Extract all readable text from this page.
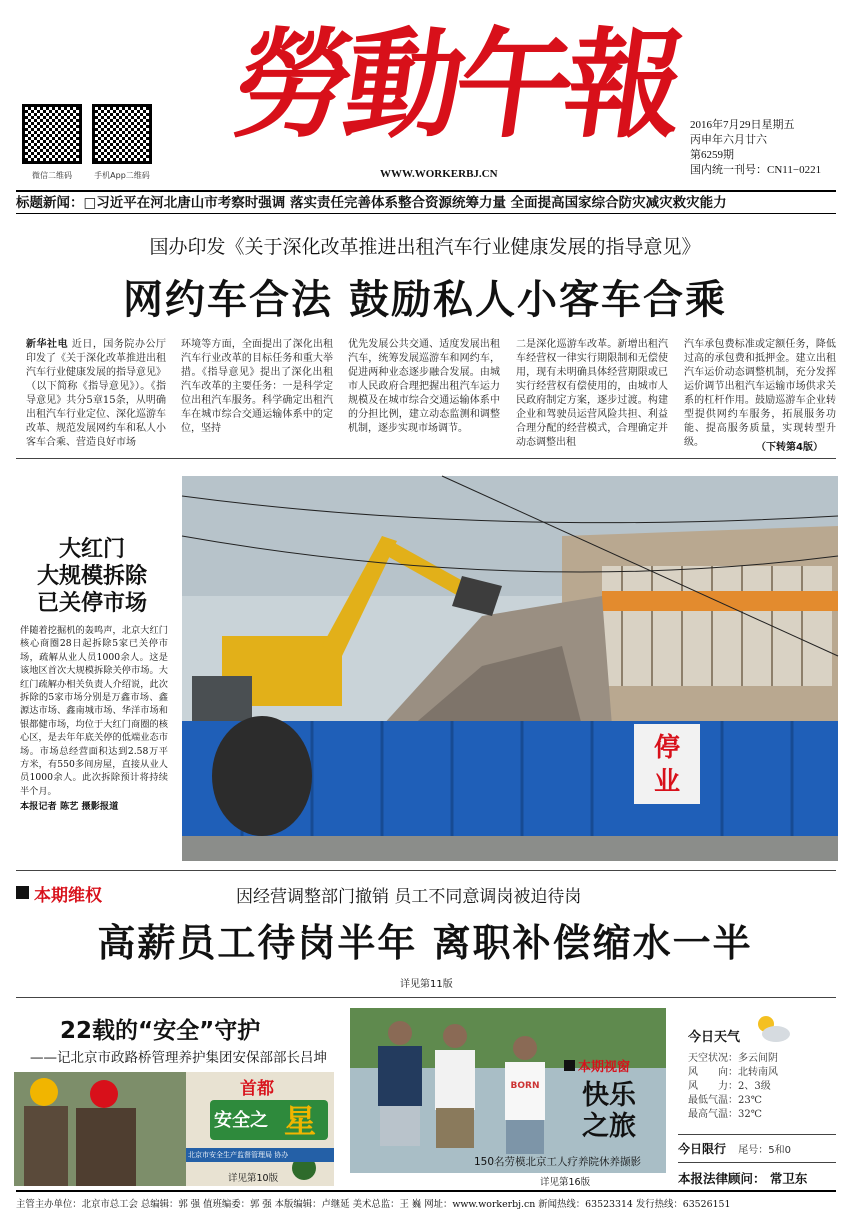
微信二维码	手机App二维码
勞動午報
WWW.WORKERBJ.CN
2016年7月29日星期五
丙申年六月廿六
第6259期
国内统一刊号：CN11−0221
标题新闻：□习近平在河北唐山市考察时强调 落实责任完善体系整合资源统筹力量 全面提高国家综合防灾减灾救灾能力
国办印发《关于深化改革推进出租汽车行业健康发展的指导意见》
网约车合法 鼓励私人小客车合乘
新华社电 近日，国务院办公厅印发了《关于深化改革推进出租汽车行业健康发展的指导意见》（以下简称《指导意见》）。《指导意见》共分5章15条，从明确出租汽车行业定位、深化巡游车改革、规范发展网约车和私人小客车合乘、营造良好市场
环境等方面，全面提出了深化出租汽车行业改革的目标任务和重大举措。《指导意见》提出了深化出租汽车改革的主要任务：一是科学定位出租汽车服务。科学确定出租汽车在城市综合交通运输体系中的定位，坚持
优先发展公共交通、适度发展出租汽车，统筹发展巡游车和网约车，促进两种业态逐步融合发展。由城市人民政府合理把握出租汽车运力规模及在城市综合交通运输体系中的分担比例，建立动态监测和调整机制，逐步实现市场调节。
二是深化巡游车改革。新增出租汽车经营权一律实行期限制和无偿使用，现有未明确具体经营期限或已实行经营权有偿使用的，由城市人民政府制定方案，逐步过渡。构建企业和驾驶员运营风险共担、利益合理分配的经营模式，合理确定并动态调整出租
汽车承包费标准或定额任务，降低过高的承包费和抵押金。建立出租汽车运价动态调整机制，充分发挥运价调节出租汽车运输市场供求关系的杠杆作用。鼓励巡游车企业转型提供网约车服务，拓展服务功能、提高服务质量，实现转型升级。	（下转第4版）
大红门
大规模拆除
已关停市场
伴随着挖掘机的轰鸣声，北京大红门核心商圈28日起拆除5家已关停市场，疏解从业人员1000余人。这是该地区首次大规模拆除关停市场。大红门疏解办相关负责人介绍说，此次拆除的5家市场分别是万鑫市场、鑫源达市场、鑫南城市场、华洋市场和银都健市场，均位于大红门商圈的核心区，是去年年底关停的低端业态市场。市场总经营面积达到2.58万平方米，有550多间房屋，直接从业人员1000余人。此次拆除预计将持续半个月。
本报记者 陈艺 摄影报道
停
业
本期维权	因经营调整部门撤销 员工不同意调岗被迫待岗
高薪员工待岗半年 离职补偿缩水一半
详见第11版
22载的“安全”守护
——记北京市政路桥管理养护集团安保部部长吕坤
首都
安全之 星
北京市安全生产监督管理局 协办
详见第10版
BORN
本期视窗
快乐
之旅
150名劳模北京工人疗养院休养撷影
详见第16版
今日天气
天空状况：多云间阴
风　　向：北转南风
风　　力：2、3级
最低气温：23℃
最高气温：32℃
今日限行 尾号：5和0
本报法律顾问： 常卫东
主管主办单位：北京市总工会 总编辑：郭 强 值班编委：郭 强 本版编辑：卢继延 美术总监：王 巍 网址：www.workerbj.cn 新闻热线：63523314 发行热线：63526151
